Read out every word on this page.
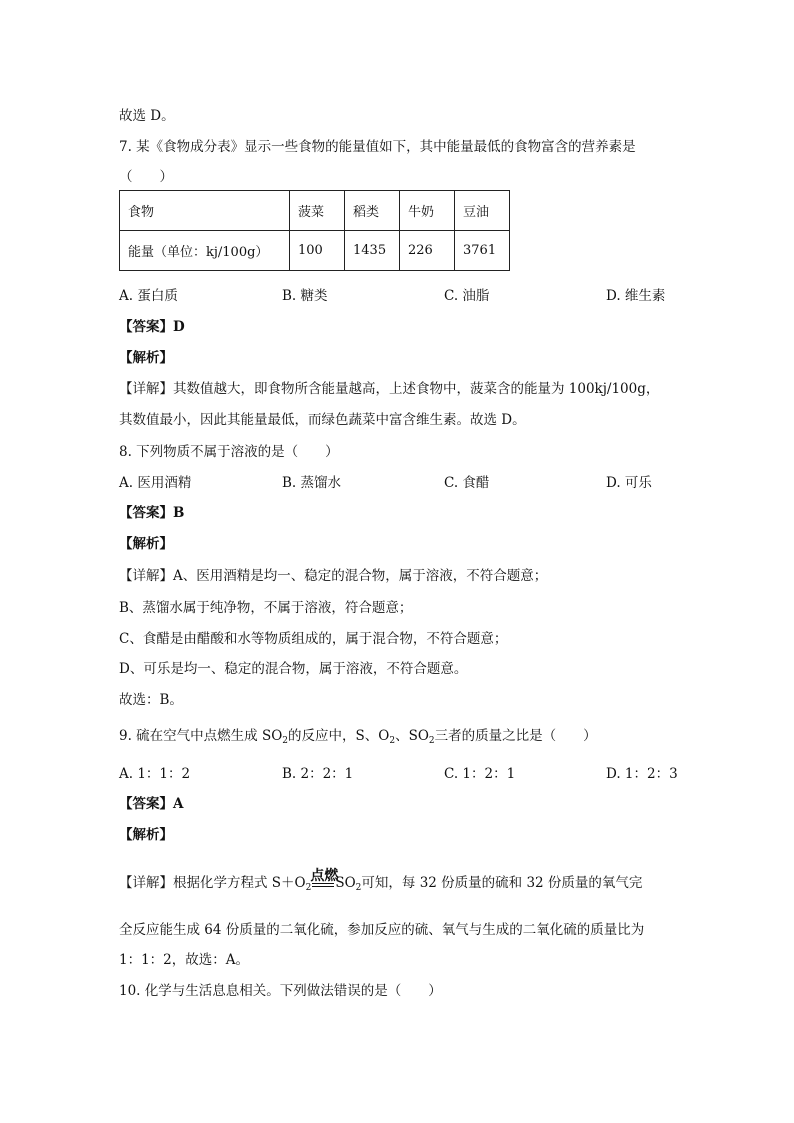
故选 D。
7. 某《食物成分表》显示一些食物的能量值如下，其中能量最低的食物富含的营养素是
（　　）
食物	菠菜	稻类	牛奶	豆油
能量（单位：kj/100g）	100	1435	226	3761
A. 蛋白质	B. 糖类	C. 油脂	D. 维生素
【答案】D
【解析】
【详解】其数值越大，即食物所含能量越高，上述食物中，菠菜含的能量为 100kj/100g，
其数值最小，因此其能量最低，而绿色蔬菜中富含维生素。故选 D。
8. 下列物质不属于溶液的是（　　）
A. 医用酒精	B. 蒸馏水	C. 食醋	D. 可乐
【答案】B
【解析】
【详解】A、医用酒精是均一、稳定的混合物，属于溶液，不符合题意；
B、蒸馏水属于纯净物，不属于溶液，符合题意；
C、食醋是由醋酸和水等物质组成的，属于混合物，不符合题意；
D、可乐是均一、稳定的混合物，属于溶液，不符合题意。
故选：B。
9. 硫在空气中点燃生成 $SO_2$的反应中，S、$O_2$、$SO_2$三者的质量之比是（　　）
A. 1：1：2	B. 2：2：1	C. 1：2：1	D. 1：2：3
【答案】A
【解析】
【详解】根据化学方程式 $S+O_2$
点燃
$SO_2$可知，每 32 份质量的硫和 32 份质量的氧气完
全反应能生成 64 份质量的二氧化硫，参加反应的硫、氧气与生成的二氧化硫的质量比为
1：1：2，故选：A。
10. 化学与生活息息相关。下列做法错误的是（　　）
